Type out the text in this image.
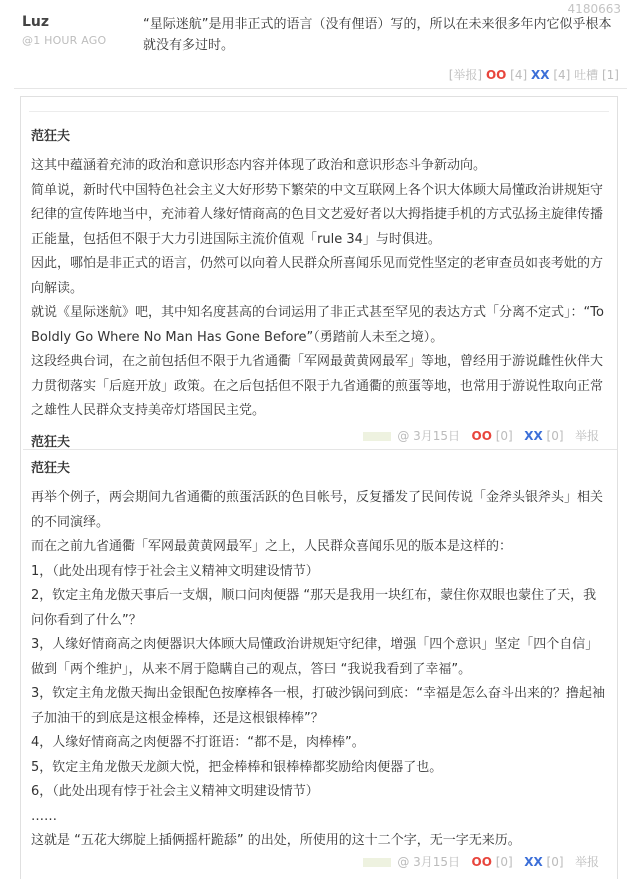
4180663
Luz
@1 HOUR AGO
“星际迷航”是用非正式的语言（没有俚语）写的，所以在未来很多年内它似乎根本就没有多过时。
[举报] OO [4] XX [4] 吐槽 [1]
范狂夫

这其中蕴涵着充沛的政治和意识形态内容并体现了政治和意识形态斗争新动向。

简单说，新时代中国特色社会主义大好形势下繁荣的中文互联网上各个识大体顾大局懂政治讲规矩守纪律的宣传阵地当中，充沛着人缘好情商高的色目文艺爱好者以大拇指捷手机的方式弘扬主旋律传播正能量，包括但不限于大力引进国际主流价值观「rule 34」与时俱进。

因此，哪怕是非正式的语言，仍然可以向着人民群众所喜闻乐见而党性坚定的老审查员如丧考妣的方向解读。

就说《星际迷航》吧，其中知名度甚高的台词运用了非正式甚至罕见的表达方式「分离不定式」：“To Boldly Go Where No Man Has Gone Before”（勇踏前人未至之境）。

这段经典台词，在之前包括但不限于九省通衢「军网最黄黄网最军」等地，曾经用于游说雌性伙伴大力贯彻落实「后庭开放」政策。在之后包括但不限于九省通衢的煎蛋等地，也常用于游说性取向正常之雄性人民群众支持美帝灯塔国民主党。

@ 3月15日 OO [0] XX [0] 举报
范狂夫
范狂夫

再举个例子，两会期间九省通衢的煎蛋活跃的色目帐号，反复播发了民间传说「金斧头银斧头」相关的不同演绎。

而在之前九省通衢「军网最黄黄网最军」之上，人民群众喜闻乐见的版本是这样的：

1，（此处出现有悖于社会主义精神文明建设情节）

2，钦定主角龙傲天事后一支烟，顺口问肉便器 “那天是我用一块红布，蒙住你双眼也蒙住了天，我问你看到了什么”？

3，人缘好情商高之肉便器识大体顾大局懂政治讲规矩守纪律，增强「四个意识」坚定「四个自信」做到「两个维护」，从来不屑于隐瞒自己的观点，答曰 “我说我看到了幸福”。

3，钦定主角龙傲天掏出金银配色按摩棒各一根，打破沙锅问到底：“幸福是怎么奋斗出来的？撸起袖子加油干的到底是这根金棒棒，还是这根银棒棒”？

4，人缘好情商高之肉便器不打诳语：“都不是，肉棒棒”。

5，钦定主角龙傲天龙颜大悦，把金棒棒和银棒棒都奖励给肉便器了也。

6，（此处出现有悖于社会主义精神文明建设情节）

……

这就是 “五花大绑腚上插俩摇杆跪舔” 的出处，所使用的这十二个字，无一字无来历。

@ 3月15日 OO [0] XX [0] 举报
